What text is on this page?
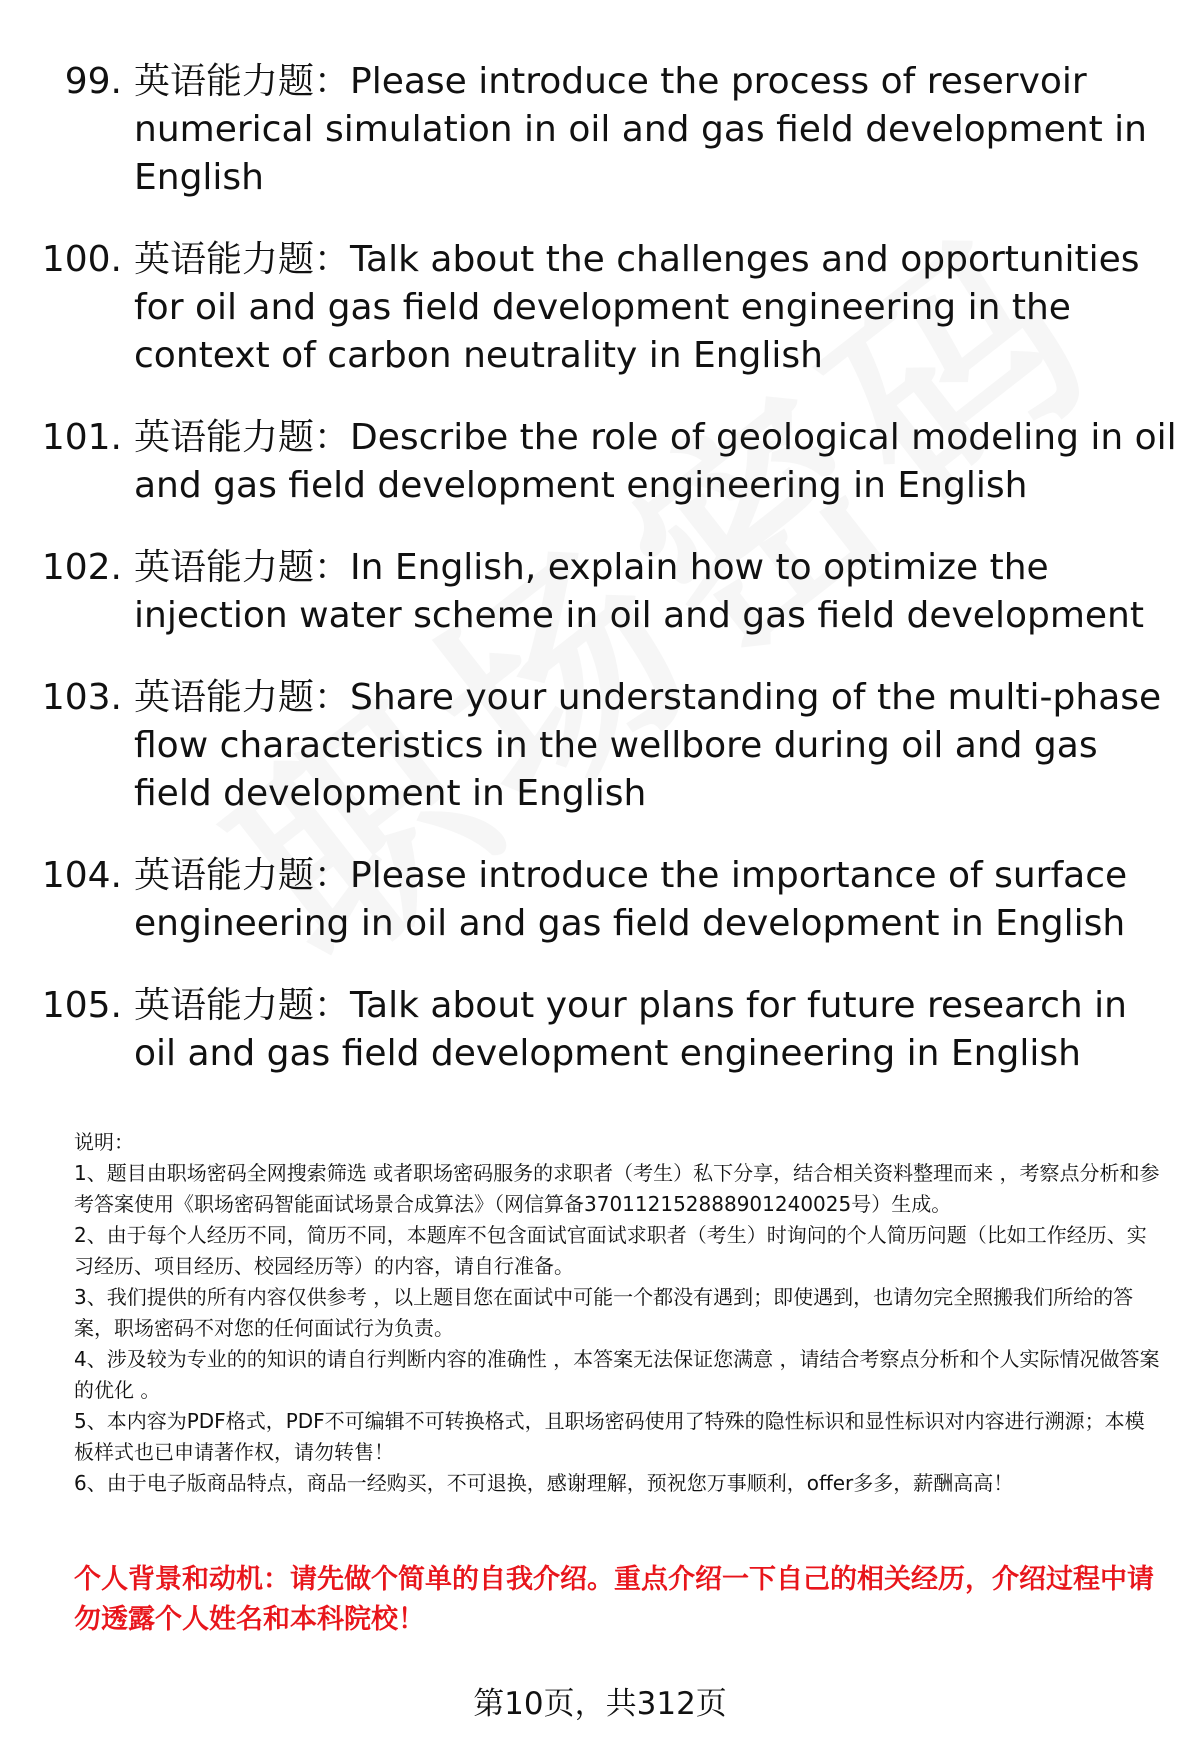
99. 英语能力题：Please introduce the process of reservoir numerical simulation in oil and gas field development in English
100. 英语能力题：Talk about the challenges and opportunities for oil and gas field development engineering in the context of carbon neutrality in English
101. 英语能力题：Describe the role of geological modeling in oil and gas field development engineering in English
102. 英语能力题：In English, explain how to optimize the injection water scheme in oil and gas field development
103. 英语能力题：Share your understanding of the multi-phase flow characteristics in the wellbore during oil and gas field development in English
104. 英语能力题：Please introduce the importance of surface engineering in oil and gas field development in English
105. 英语能力题：Talk about your plans for future research in oil and gas field development engineering in English

说明：

1、题目由职场密码全网搜索筛选 或者职场密码服务的求职者（考生）私下分享，结合相关资料整理而来 ，考察点分析和参考答案使用《职场密码智能面试场景合成算法》（网信算备370112152888901240025号）生成。

2、由于每个人经历不同，简历不同，本题库不包含面试官面试求职者（考生）时询问的个人简历问题（比如工作经历、实习经历、项目经历、校园经历等）的内容，请自行准备。

3、我们提供的所有内容仅供参考 ，以上题目您在面试中可能一个都没有遇到；即使遇到，也请勿完全照搬我们所给的答案，职场密码不对您的任何面试行为负责。

4、涉及较为专业的的知识的请自行判断内容的准确性 ，本答案无法保证您满意 ，请结合考察点分析和个人实际情况做答案的优化 。

5、本内容为PDF格式，PDF不可编辑不可转换格式，且职场密码使用了特殊的隐性标识和显性标识对内容进行溯源；本模板样式也已申请著作权，请勿转售！

6、由于电子版商品特点，商品一经购买，不可退换，感谢理解，预祝您万事顺利，offer多多，薪酬高高！

个人背景和动机：请先做个简单的自我介绍。重点介绍一下自己的相关经历，介绍过程中请勿透露个人姓名和本科院校！
第10页，共312页
